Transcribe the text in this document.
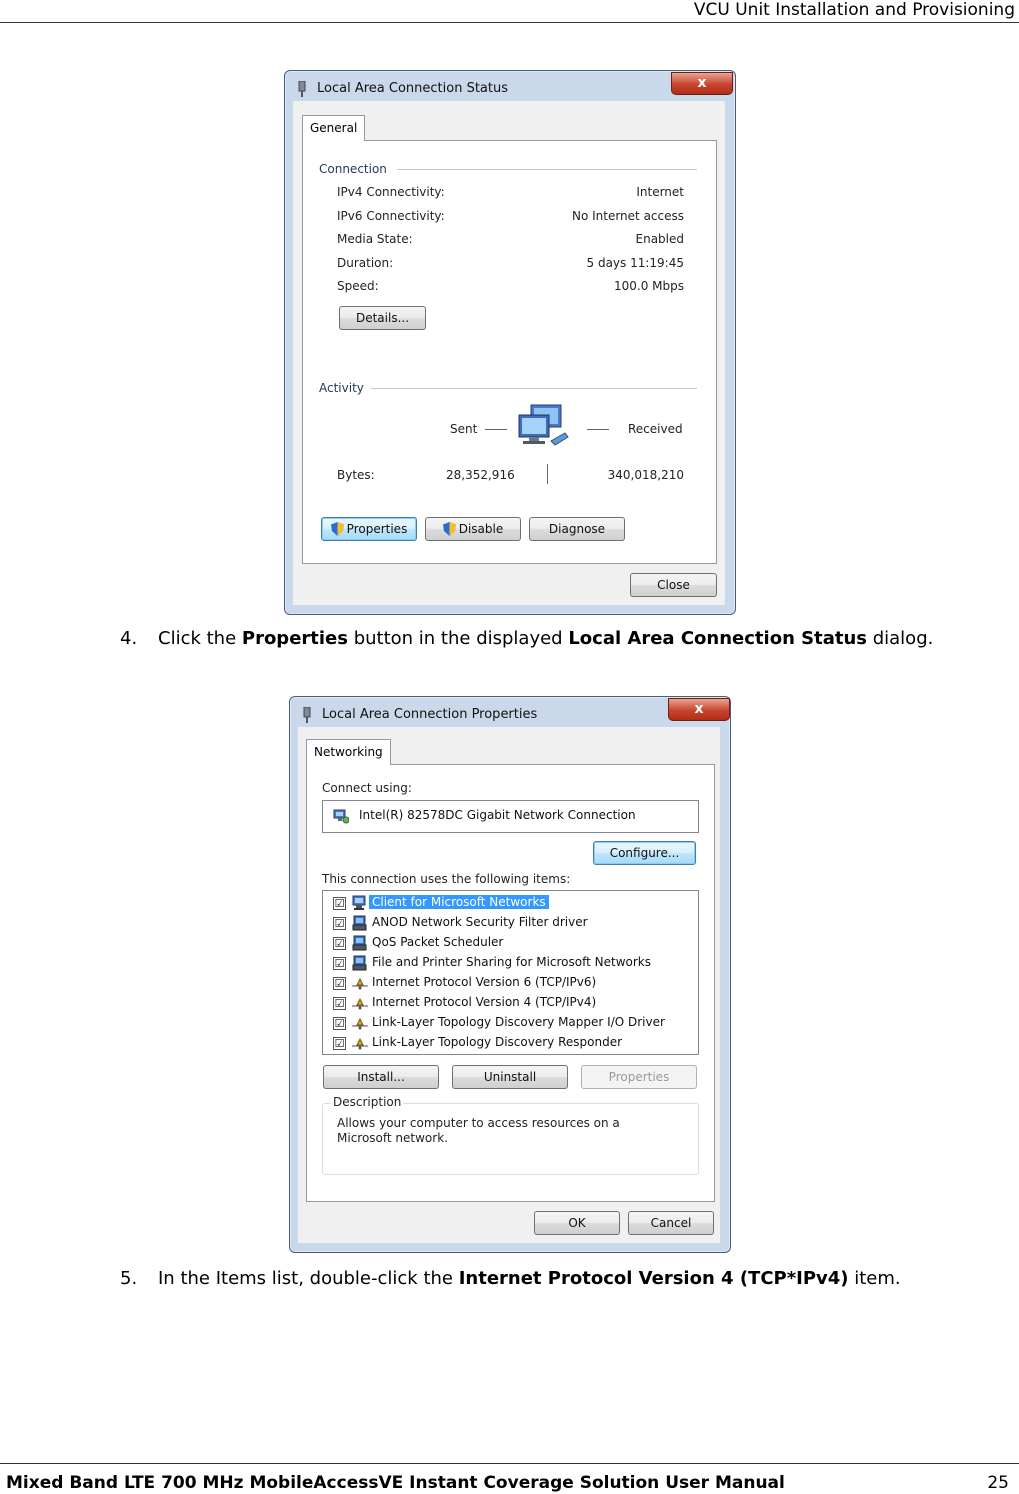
VCU Unit Installation and Provisioning
Local Area Connection Status	x
General
Connection
IPv4 Connectivity:	Internet
IPv6 Connectivity:	No Internet access
Media State:	Enabled
Duration:	5 days 11:19:45
Speed:	100.0 Mbps
Details...
Activity
Sent	Received
Bytes:	28,352,916	340,018,210
Properties	Disable	Diagnose
Close
4. Click the Properties button in the displayed Local Area Connection Status dialog.
Local Area Connection Properties	x
Networking
Connect using:
Intel(R) 82578DC Gigabit Network Connection
Configure...
This connection uses the following items:
☑ Client for Microsoft Networks
☑ ANOD Network Security Filter driver
☑ QoS Packet Scheduler
☑ File and Printer Sharing for Microsoft Networks
☑ Internet Protocol Version 6 (TCP/IPv6)
☑ Internet Protocol Version 4 (TCP/IPv4)
☑ Link-Layer Topology Discovery Mapper I/O Driver
☑ Link-Layer Topology Discovery Responder
Install...	Uninstall	Properties
Description
Allows your computer to access resources on a Microsoft network.
OK	Cancel
5. In the Items list, double-click the Internet Protocol Version 4 (TCP*IPv4) item.
Mixed Band LTE 700 MHz MobileAccessVE Instant Coverage Solution User Manual	25
